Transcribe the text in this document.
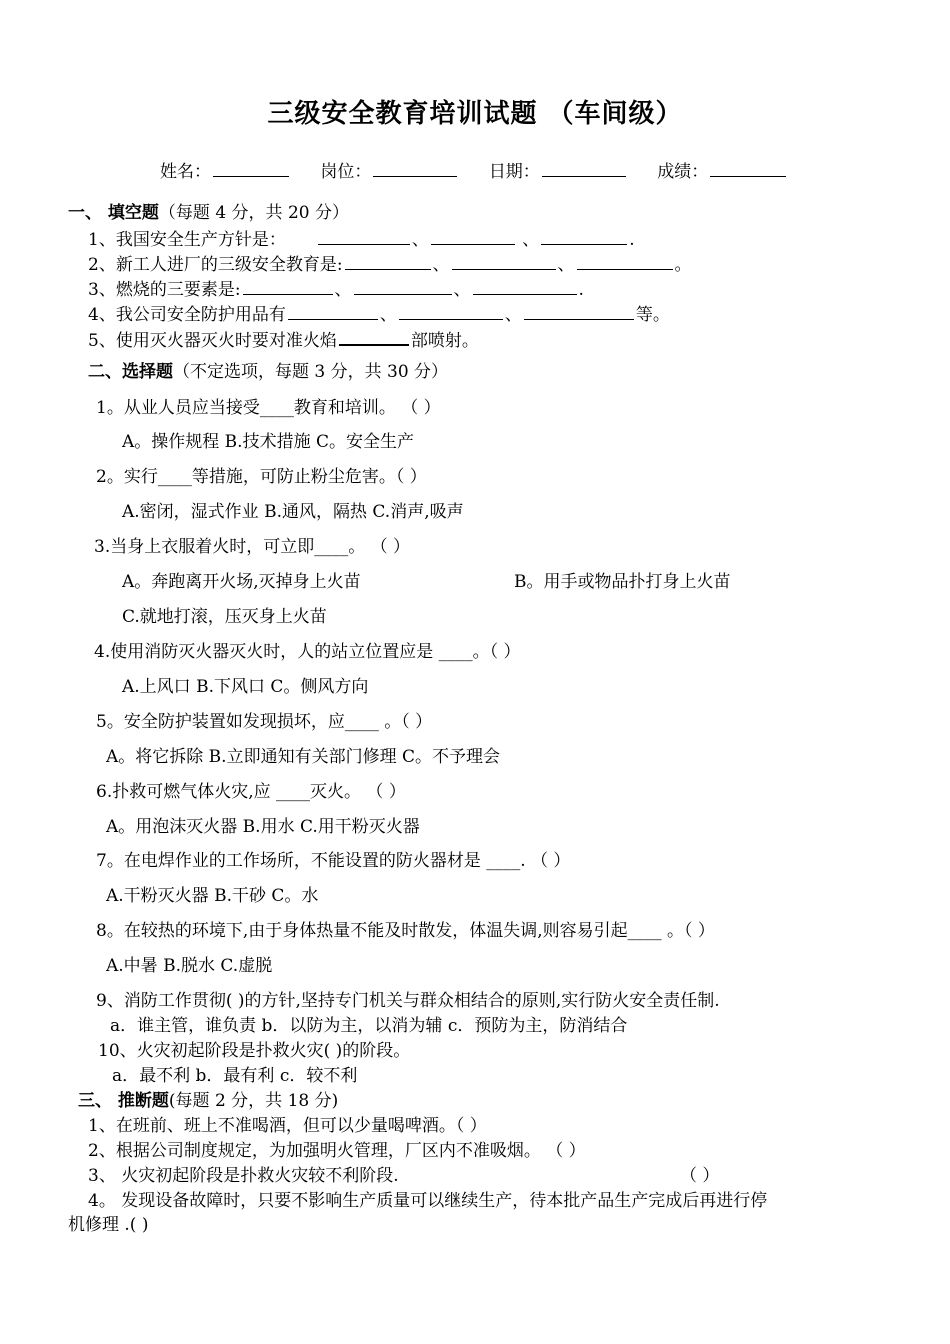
三级安全教育培训试题 （车间级）
姓名：	岗位：	日期：	成绩：
一、 填空题（每题 4 分，共 20 分）
1、我国安全生产方针是：	、	、	.
2、新工人进厂的三级安全教育是:	、	、	。
3、燃烧的三要素是:	、	、	.
4、我公司安全防护用品有	、	、	等。
5、使用灭火器灭火时要对准火焰	部喷射。
二、选择题（不定选项，每题 3 分，共 30 分）
1。从业人员应当接受____教育和培训。 （ ）
A。操作规程 B.技术措施 C。安全生产
2。实行____等措施，可防止粉尘危害。（ ）
A.密闭，湿式作业 B.通风，隔热 C.消声,吸声
3.当身上衣服着火时，可立即____。 （ ）
A。奔跑离开火场,灭掉身上火苗	B。用手或物品扑打身上火苗
C.就地打滚，压灭身上火苗
4.使用消防灭火器灭火时，人的站立位置应是 ____。（ ）
A.上风口 B.下风口 C。侧风方向
5。安全防护装置如发现损坏，应____ 。（ ）
A。将它拆除 B.立即通知有关部门修理 C。不予理会
6.扑救可燃气体火灾,应 ____灭火。 （ ）
A。用泡沫灭火器 B.用水 C.用干粉灭火器
7。在电焊作业的工作场所，不能设置的防火器材是 ____. （ ）
A.干粉灭火器 B.干砂 C。水
8。在较热的环境下,由于身体热量不能及时散发，体温失调,则容易引起____ 。（ ）
A.中暑 B.脱水 C.虚脱
9、消防工作贯彻( )的方针,坚持专门机关与群众相结合的原则,实行防火安全责任制.
a．谁主管，谁负责 b．以防为主，以消为辅 c．预防为主，防消结合
10、火灾初起阶段是扑救火灾( )的阶段。
a．最不利 b．最有利 c．较不利
三、 推断题(每题 2 分，共 18 分)
1、在班前、班上不准喝酒，但可以少量喝啤酒。（ ）
2、根据公司制度规定，为加强明火管理，厂区内不准吸烟。 （ ）
3、 火灾初起阶段是扑救火灾较不利阶段.	（ ）
4。 发现设备故障时，只要不影响生产质量可以继续生产，待本批产品生产完成后再进行停
机修理 .( )
